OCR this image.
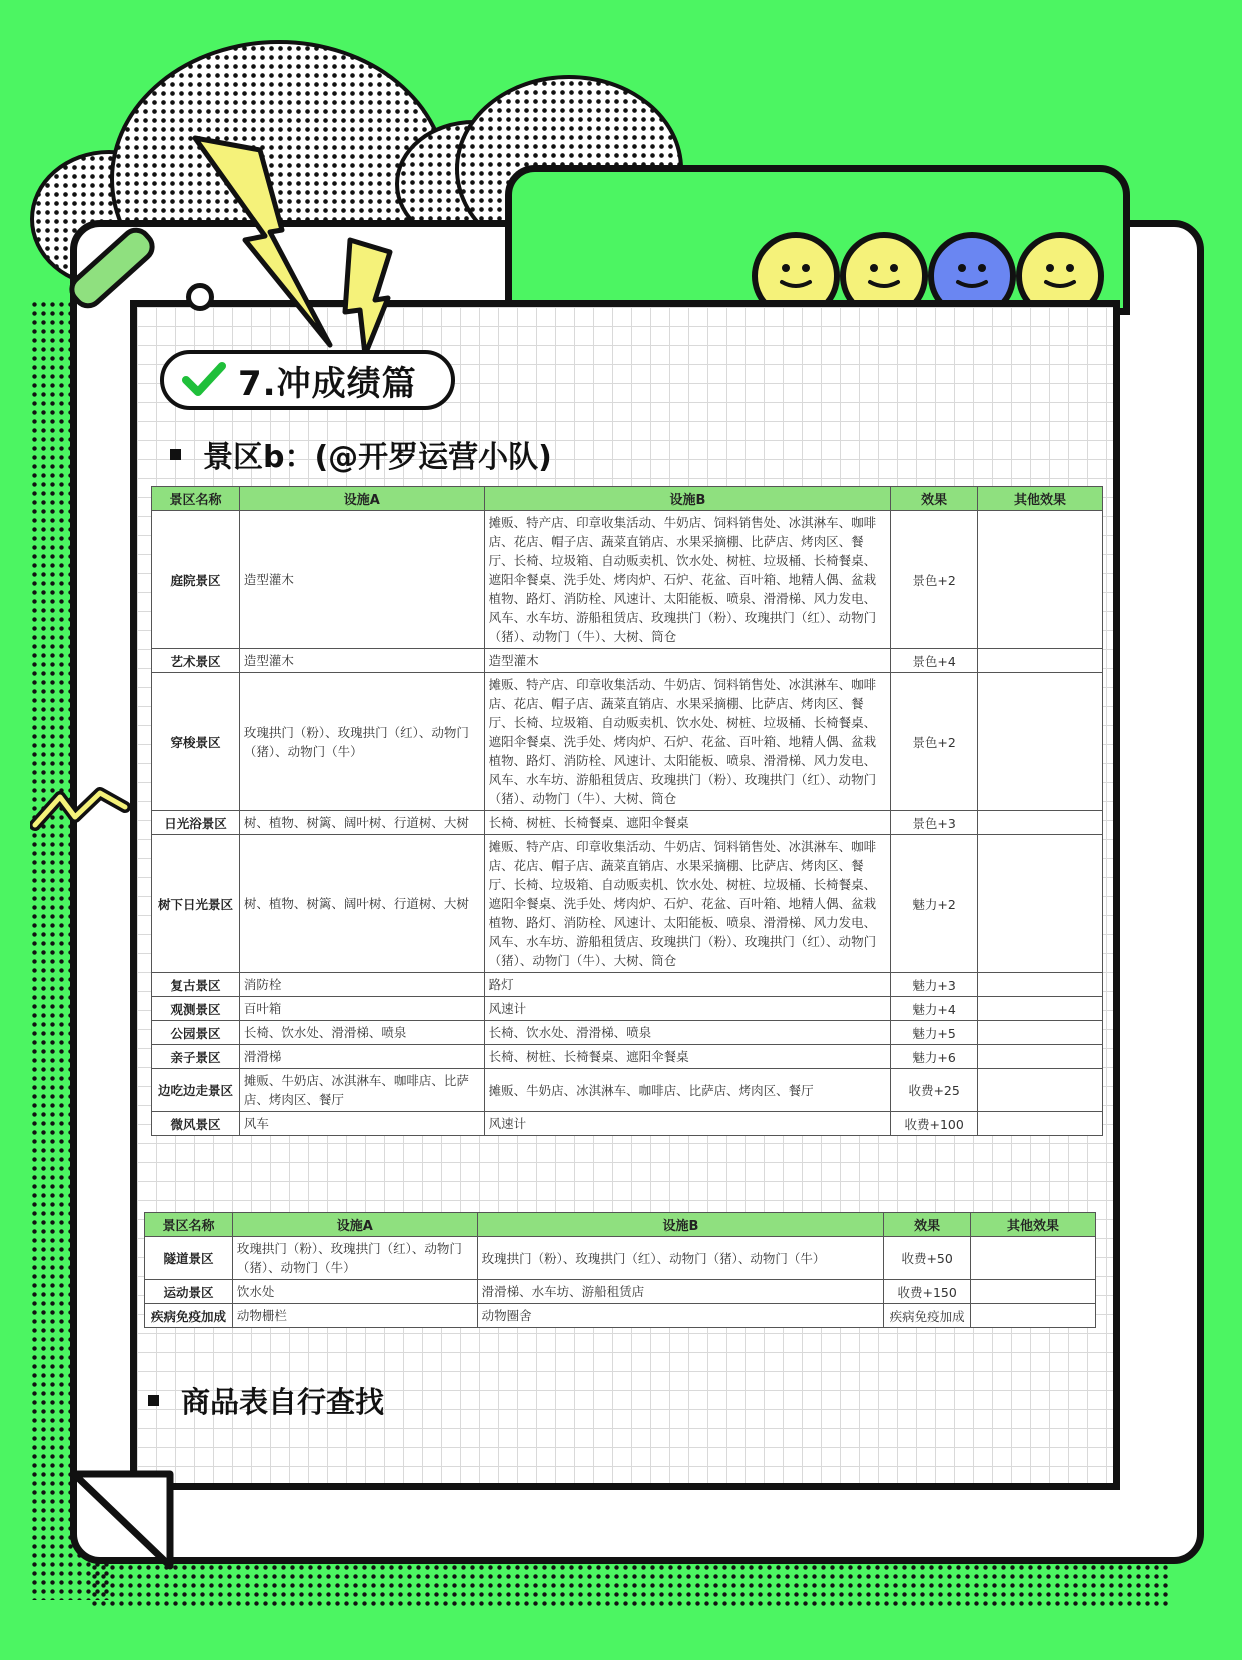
7.冲成绩篇
景区b：(@开罗运营小队)
景区名称	设施A	设施B	效果	其他效果
庭院景区	造型灌木	摊贩、特产店、印章收集活动、牛奶店、饲料销售处、冰淇淋车、咖啡店、花店、帽子店、蔬菜直销店、水果采摘棚、比萨店、烤肉区、餐厅、长椅、垃圾箱、自动贩卖机、饮水处、树桩、垃圾桶、长椅餐桌、遮阳伞餐桌、洗手处、烤肉炉、石炉、花盆、百叶箱、地精人偶、盆栽植物、路灯、消防栓、风速计、太阳能板、喷泉、滑滑梯、风力发电、风车、水车坊、游船租赁店、玫瑰拱门（粉）、玫瑰拱门（红）、动物门（猪）、动物门（牛）、大树、筒仓	景色+2	
艺术景区	造型灌木	造型灌木	景色+4	
穿梭景区	玫瑰拱门（粉）、玫瑰拱门（红）、动物门（猪）、动物门（牛）	摊贩、特产店、印章收集活动、牛奶店、饲料销售处、冰淇淋车、咖啡店、花店、帽子店、蔬菜直销店、水果采摘棚、比萨店、烤肉区、餐厅、长椅、垃圾箱、自动贩卖机、饮水处、树桩、垃圾桶、长椅餐桌、遮阳伞餐桌、洗手处、烤肉炉、石炉、花盆、百叶箱、地精人偶、盆栽植物、路灯、消防栓、风速计、太阳能板、喷泉、滑滑梯、风力发电、风车、水车坊、游船租赁店、玫瑰拱门（粉）、玫瑰拱门（红）、动物门（猪）、动物门（牛）、大树、筒仓	景色+2	
日光浴景区	树、植物、树篱、阔叶树、行道树、大树	长椅、树桩、长椅餐桌、遮阳伞餐桌	景色+3	
树下日光景区	树、植物、树篱、阔叶树、行道树、大树	摊贩、特产店、印章收集活动、牛奶店、饲料销售处、冰淇淋车、咖啡店、花店、帽子店、蔬菜直销店、水果采摘棚、比萨店、烤肉区、餐厅、长椅、垃圾箱、自动贩卖机、饮水处、树桩、垃圾桶、长椅餐桌、遮阳伞餐桌、洗手处、烤肉炉、石炉、花盆、百叶箱、地精人偶、盆栽植物、路灯、消防栓、风速计、太阳能板、喷泉、滑滑梯、风力发电、风车、水车坊、游船租赁店、玫瑰拱门（粉）、玫瑰拱门（红）、动物门（猪）、动物门（牛）、大树、筒仓	魅力+2	
复古景区	消防栓	路灯	魅力+3	
观测景区	百叶箱	风速计	魅力+4	
公园景区	长椅、饮水处、滑滑梯、喷泉	长椅、饮水处、滑滑梯、喷泉	魅力+5	
亲子景区	滑滑梯	长椅、树桩、长椅餐桌、遮阳伞餐桌	魅力+6	
边吃边走景区	摊贩、牛奶店、冰淇淋车、咖啡店、比萨店、烤肉区、餐厅	摊贩、牛奶店、冰淇淋车、咖啡店、比萨店、烤肉区、餐厅	收费+25	
微风景区	风车	风速计	收费+100	
景区名称	设施A	设施B	效果	其他效果
隧道景区	玫瑰拱门（粉）、玫瑰拱门（红）、动物门（猪）、动物门（牛）	玫瑰拱门（粉）、玫瑰拱门（红）、动物门（猪）、动物门（牛）	收费+50	
运动景区	饮水处	滑滑梯、水车坊、游船租赁店	收费+150	
疾病免疫加成	动物栅栏	动物圈舍	疾病免疫加成	
商品表自行查找
